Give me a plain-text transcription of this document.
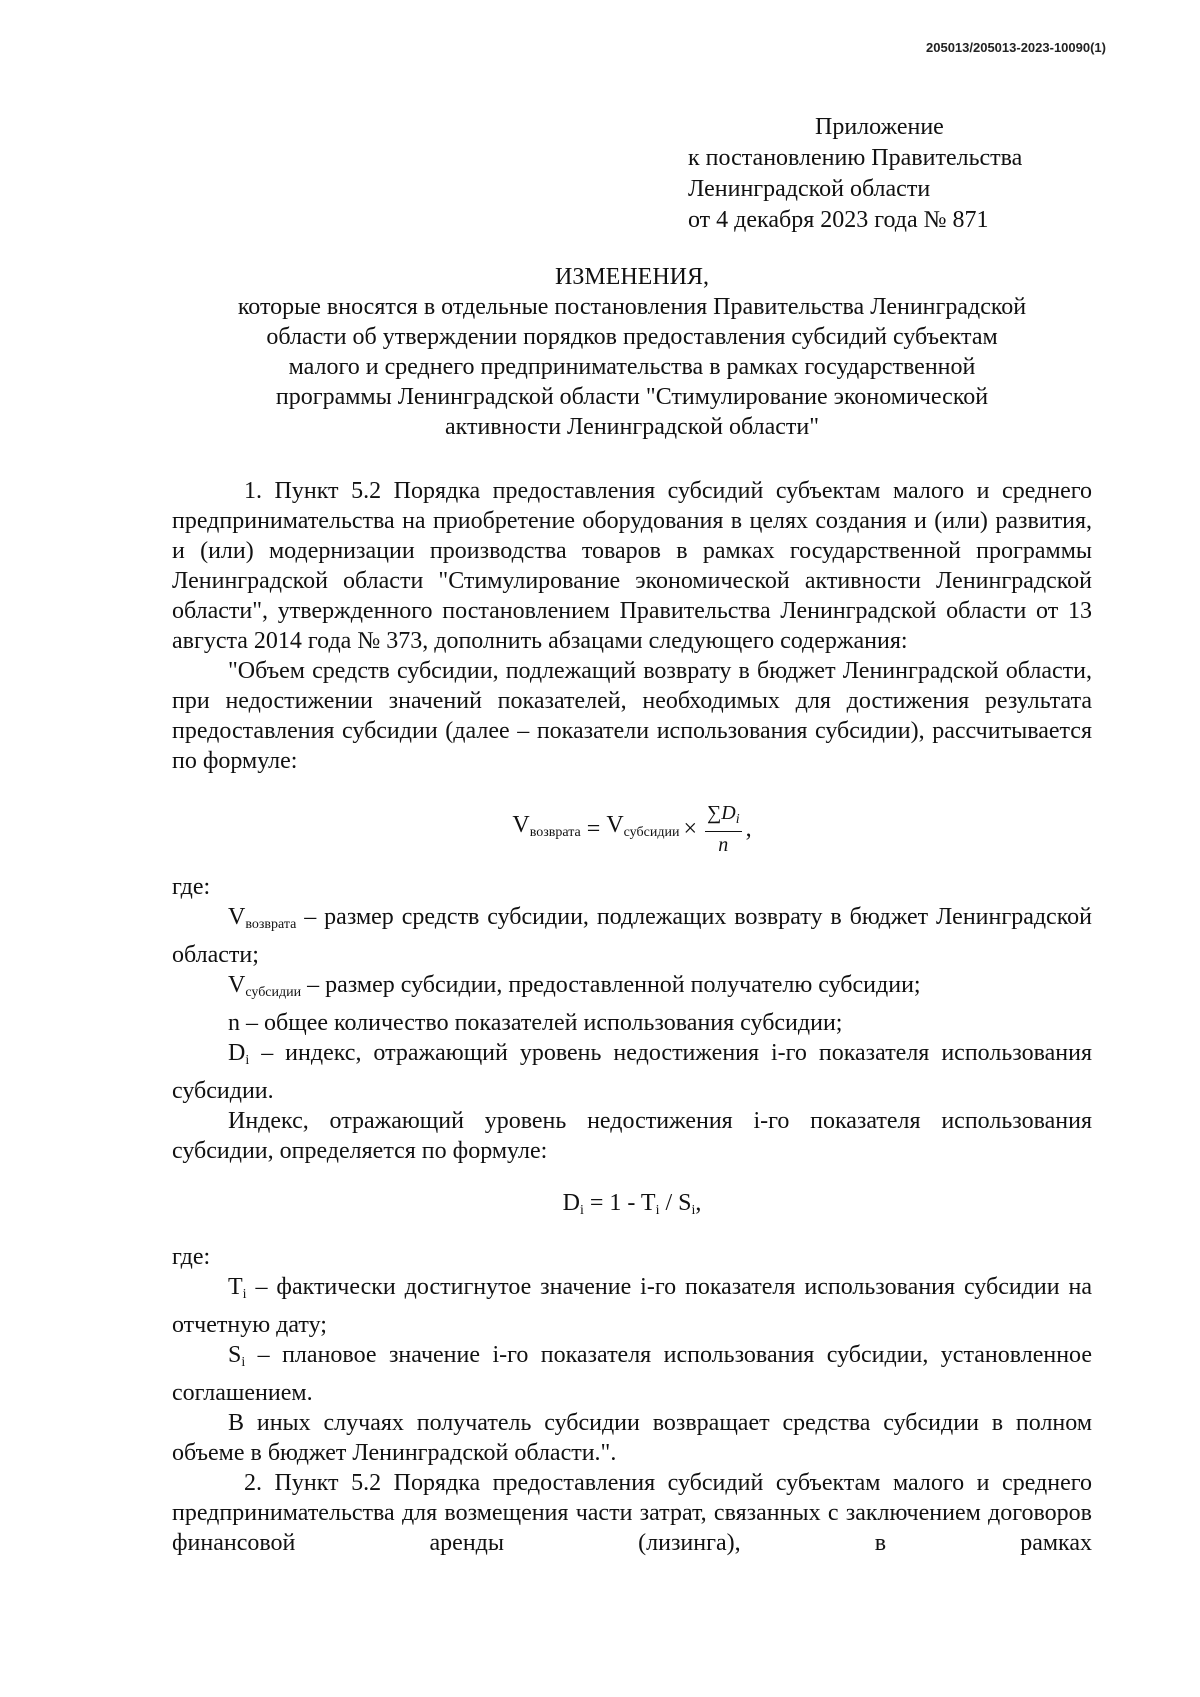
205013/205013-2023-10090(1)
Приложение
к постановлению Правительства
Ленинградской области
от 4 декабря 2023 года № 871
ИЗМЕНЕНИЯ,
которые вносятся в отдельные постановления Правительства Ленинградской
области об утверждении порядков предоставления субсидий субъектам
малого и среднего предпринимательства в рамках государственной
программы Ленинградской области "Стимулирование экономической
активности Ленинградской области"

1. Пункт 5.2 Порядка предоставления субсидий субъектам малого и среднего предпринимательства на приобретение оборудования в целях создания и (или) развития, и (или) модернизации производства товаров в рамках государственной программы Ленинградской области "Стимулирование экономической активности Ленинградской области", утвержденного постановлением Правительства Ленинградской области от 13 августа 2014 года № 373, дополнить абзацами следующего содержания:

"Объем средств субсидии, подлежащий возврату в бюджет Ленинградской области, при недостижении значений показателей, необходимых для достижения результата предоставления субсидии (далее – показатели использования субсидии), рассчитывается по формуле:

$V_{возврата} = V_{субсидии} \times \frac{\sum D_i}{n}$ ,

где:

$V_{возврата}$ – размер средств субсидии, подлежащих возврату в бюджет Ленинградской области;

$V_{субсидии}$ – размер субсидии, предоставленной получателю субсидии;

n – общее количество показателей использования субсидии;

$D_i$ – индекс, отражающий уровень недостижения i-го показателя использования субсидии.

Индекс, отражающий уровень недостижения i-го показателя использования субсидии, определяется по формуле:

$D_i = 1 - T_i / S_i$,

где:

$T_i$ – фактически достигнутое значение i-го показателя использования субсидии на отчетную дату;

$S_i$ – плановое значение i-го показателя использования субсидии, установленное соглашением.

В иных случаях получатель субсидии возвращает средства субсидии в полном объеме в бюджет Ленинградской области.".

2. Пункт 5.2 Порядка предоставления субсидий субъектам малого и среднего предпринимательства для возмещения части затрат, связанных с заключением договоров финансовой аренды (лизинга), в рамках
